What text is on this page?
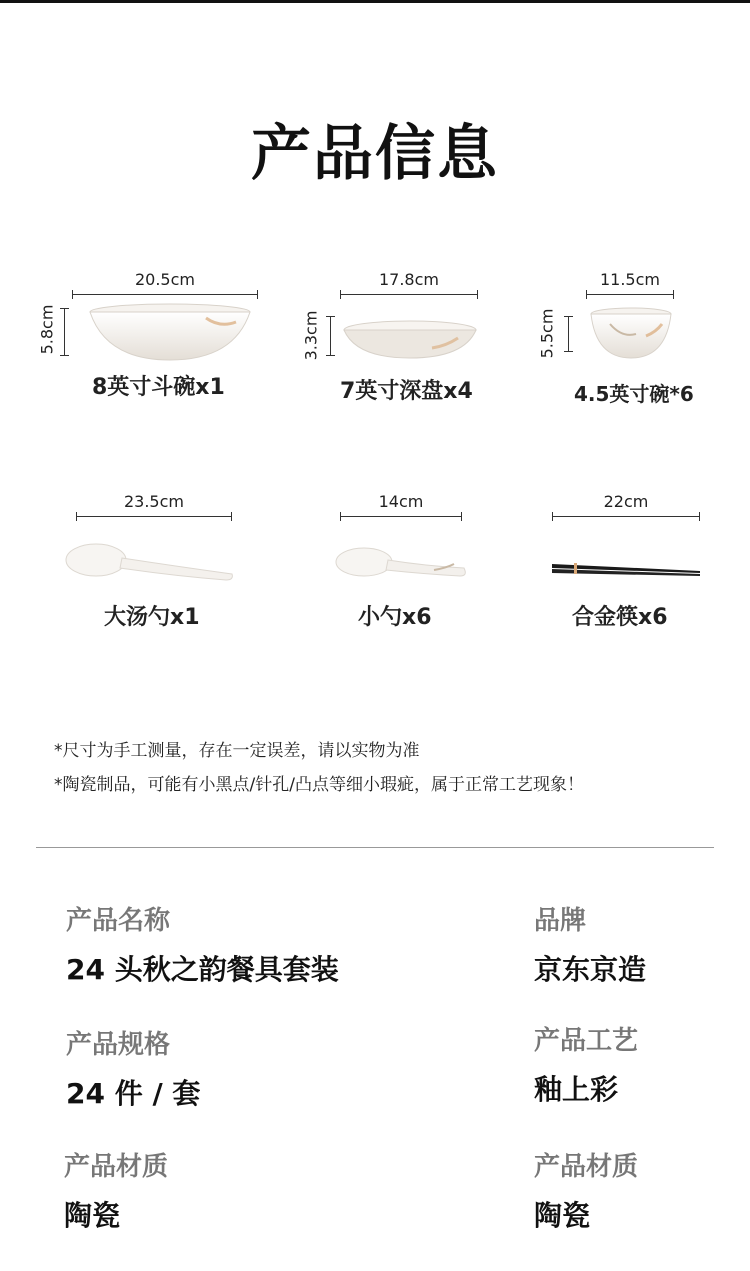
产品信息
20.5cm
5.8cm
8英寸斗碗x1
17.8cm
3.3cm
7英寸深盘x4
11.5cm
5.5cm
4.5英寸碗*6
23.5cm
大汤勺x1
14cm
小勺x6
22cm
合金筷x6
*尺寸为手工测量，存在一定误差，请以实物为准
*陶瓷制品，可能有小黑点/针孔/凸点等细小瑕疵，属于正常工艺现象！
产品名称
24 头秋之韵餐具套装
品牌
京东京造
产品规格
24 件 / 套
产品工艺
釉上彩
产品材质
陶瓷
产品材质
陶瓷
